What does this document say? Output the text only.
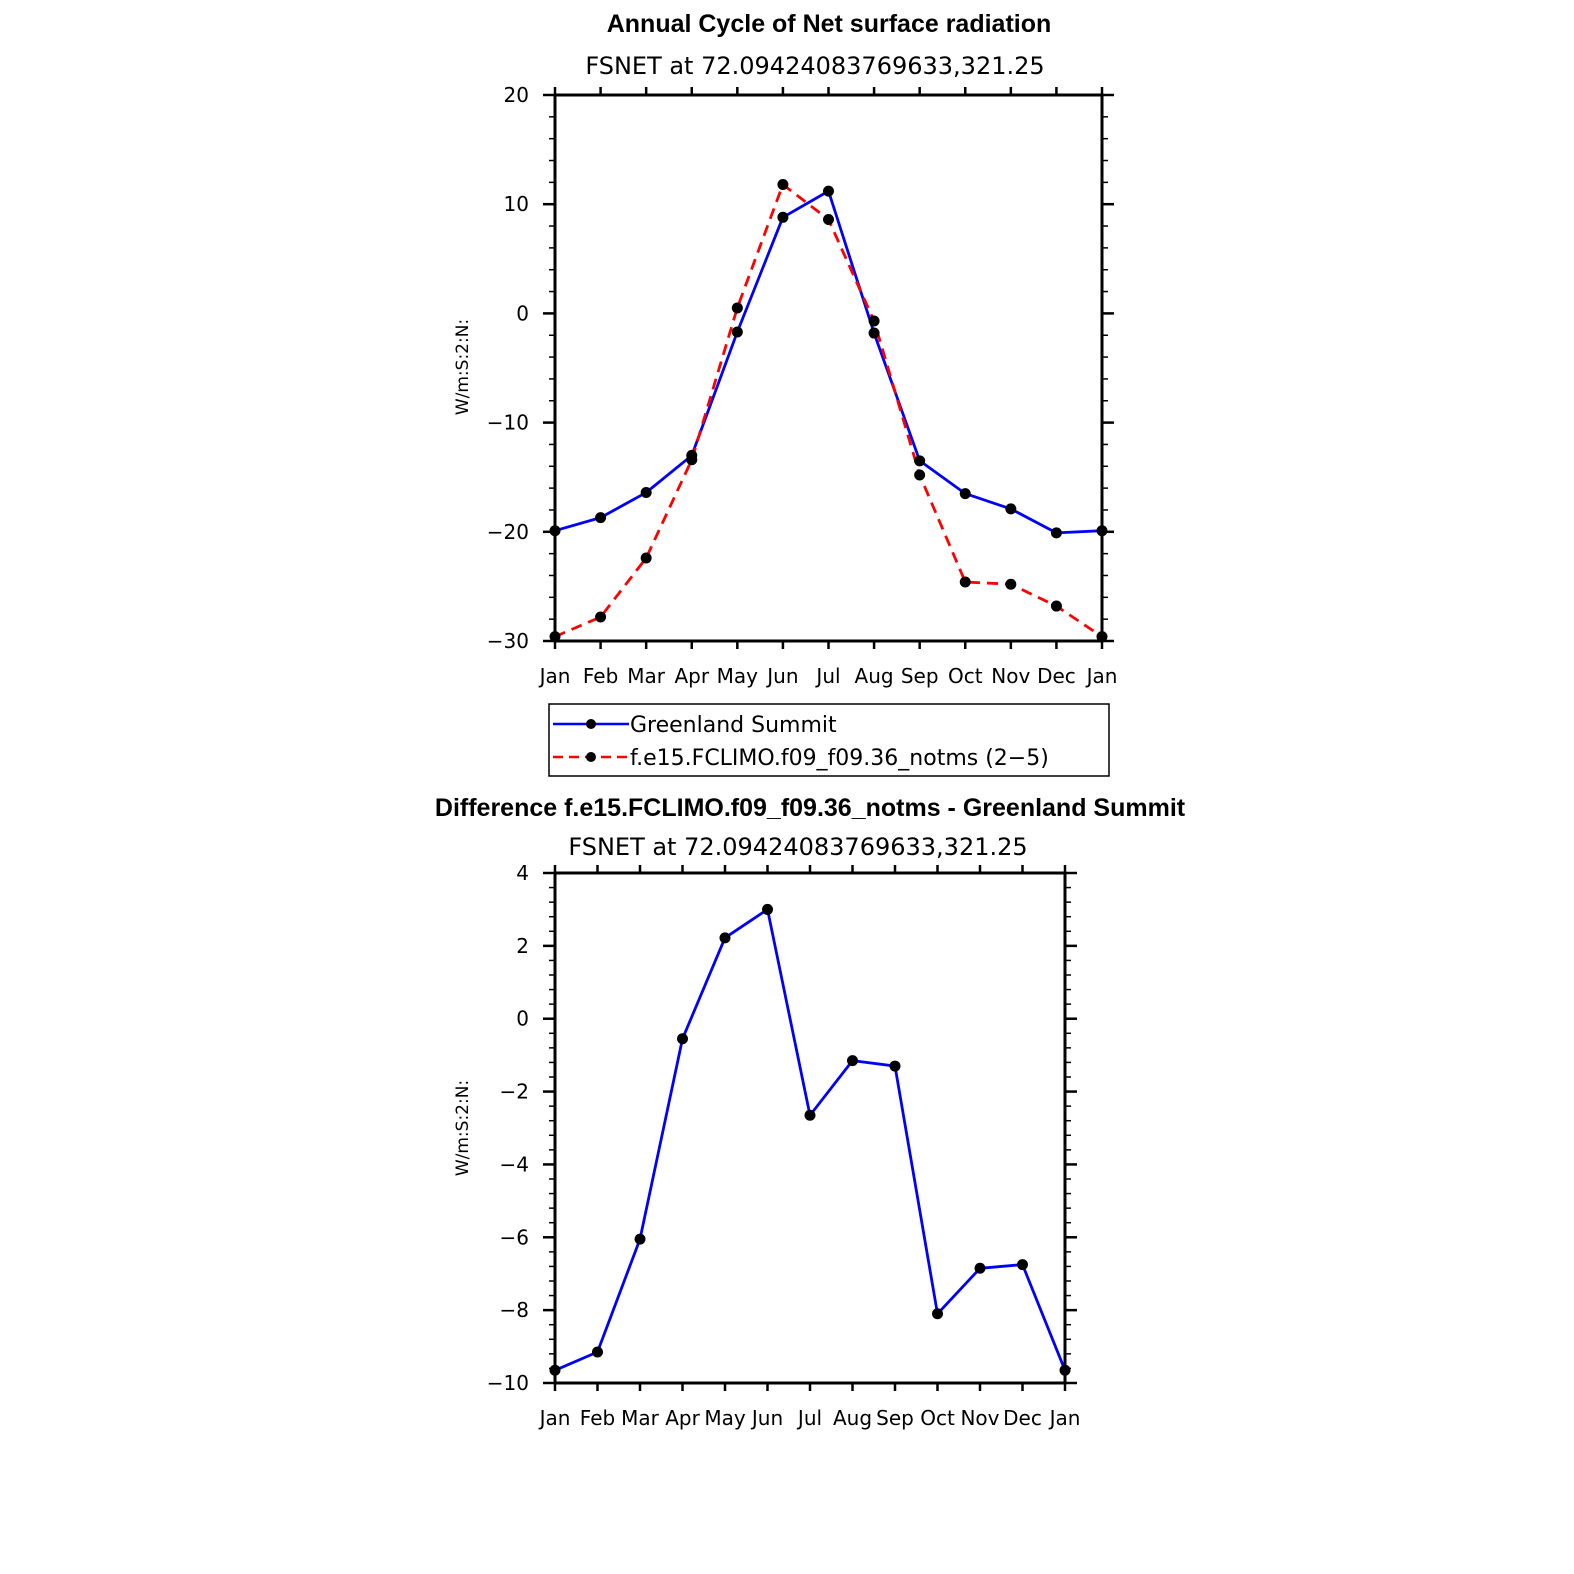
Annual Cycle of Net surface radiation
FSNET at 72.09424083769633,321.25
W/m:S:2:N:
Jan Feb Mar Apr May Jun Jul Aug Sep Oct Nov Dec Jan
20
10
0
−10
−20
−30
Greenland Summit
f.e15.FCLIMO.f09_f09.36_notms (2−5)
Difference f.e15.FCLIMO.f09_f09.36_notms - Greenland Summit
FSNET at 72.09424083769633,321.25
W/m:S:2:N:
Jan Feb Mar Apr May Jun Jul Aug Sep Oct Nov Dec Jan
4
2
0
−2
−4
−6
−8
−10
